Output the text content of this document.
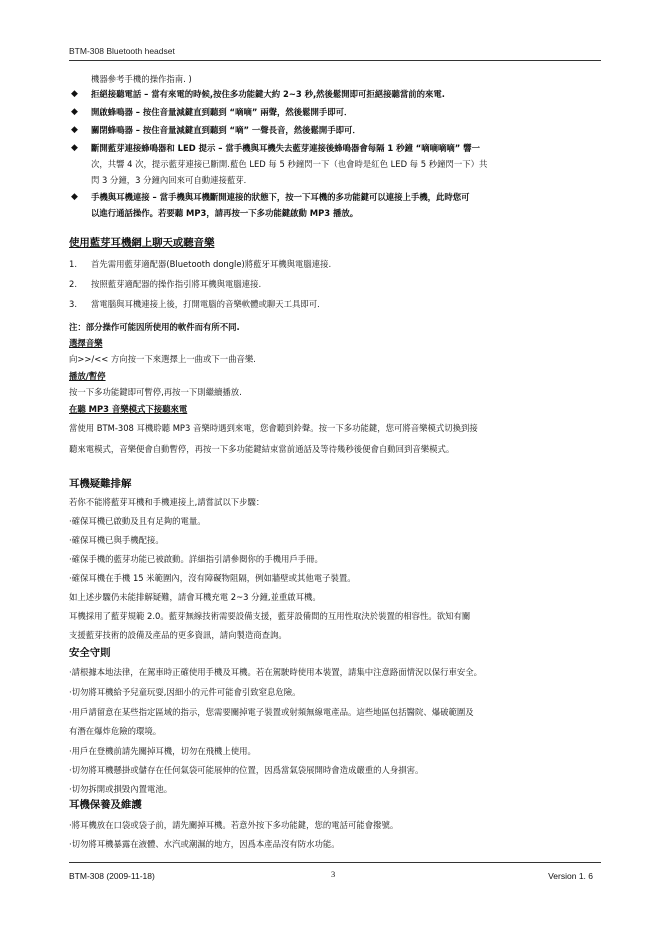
BTM-308 Bluetooth headset
機器參考手機的操作指南. )
◆ 拒絕接聽電話 – 當有來電的時候,按住多功能鍵大約 2~3 秒,然後鬆開即可拒絕接聽當前的來電.
◆ 開啟蜂鳴器 – 按住音量減鍵直到聽到 “嘀嘀” 兩聲，然後鬆開手即可．
◆ 關閉蜂鳴器 – 按住音量減鍵直到聽到 “嘀” 一聲長音，然後鬆開手即可．
◆ 斷開藍芽連接蜂鳴器和 LED 提示 – 當手機與耳機失去藍芽連接後蜂鳴器會每隔 1 秒鐘 “嘀嘀嘀嘀” 響一
次，共響 4 次，提示藍芽連接已斷開.藍色 LED 每 5 秒鐘閃一下（也會時是紅色 LED 每 5 秒鐘閃一下）共
閃 3 分鐘，3 分鐘內回來可自動連接藍芽．
◆ 手機與耳機連接 – 當手機與耳機斷開連接的狀態下，按一下耳機的多功能鍵可以連接上手機，此時您可
以進行通話操作。若要聽 MP3，請再按一下多功能鍵啟動 MP3 播放。
使用藍芽耳機網上聊天或聽音樂
1. 首先需用藍芽適配器(Bluetooth dongle)將藍牙耳機與電腦連接.
2. 按照藍芽適配器的操作指引將耳機與電腦連接.
3. 當電腦與耳機連接上後，打開電腦的音樂軟體或聊天工具即可．
注：部分操作可能因所使用的軟件而有所不同.
選擇音樂
向>>/<< 方向按一下來選擇上一曲或下一曲音樂.
播放/暫停
按一下多功能鍵即可暫停,再按一下則繼續播放.
在聽 MP3 音樂模式下接聽來電
當使用 BTM-308 耳機聆聽 MP3 音樂時遇到來電，您會聽到鈴聲。按一下多功能鍵，您可將音樂模式切換到接
聽來電模式，音樂便會自動暫停，再按一下多功能鍵結束當前通話及等待幾秒後便會自動回到音樂模式。
耳機疑難排解
若你不能將藍芽耳機和手機連接上,請嘗試以下步驟：
·確保耳機已啟動及且有足夠的電量。
·確保耳機已與手機配接。
·確保手機的藍芽功能已被啟動。詳細指引請參閱你的手機用戶手冊。
·確保耳機在手機 15 米範圍內，沒有障礙物阻隔，例如牆壁或其他電子裝置。
如上述步驟仍未能排解疑難，請會耳機充電 2~3 分鐘,並重啟耳機。
耳機採用了藍芽規範 2.0。藍芽無線技術需要設備支援，藍芽設備間的互用性取決於裝置的相容性。欲知有關
支援藍芽技術的設備及產品的更多資訊，請向製造商查詢。
安全守則
·請根據本地法律，在駕車時正確使用手機及耳機。若在駕駛時使用本裝置，請集中注意路面情況以保行車安全。
·切勿將耳機給予兒童玩耍,因細小的元件可能會引致窒息危險。
·用戶請留意在某些指定區域的指示，您需要關掉電子裝置或射頻無線電產品。這些地區包括醫院、爆破範圍及
有潛在爆炸危險的環境。
·用戶在登機前請先關掉耳機，切勿在飛機上使用。
·切勿將耳機懸掛或儲存在任何氣袋可能展伸的位置，因爲當氣袋展開時會造成嚴重的人身損害。
·切勿拆開或損毀內置電池。
耳機保養及維護
·將耳機放在口袋或袋子前，請先關掉耳機。若意外按下多功能鍵，您的電話可能會撥號。
·切勿將耳機暴露在液體、水汽或潮濕的地方，因爲本產品沒有防水功能。
BTM-308 (2009-11-18)	3	Version 1. 6
